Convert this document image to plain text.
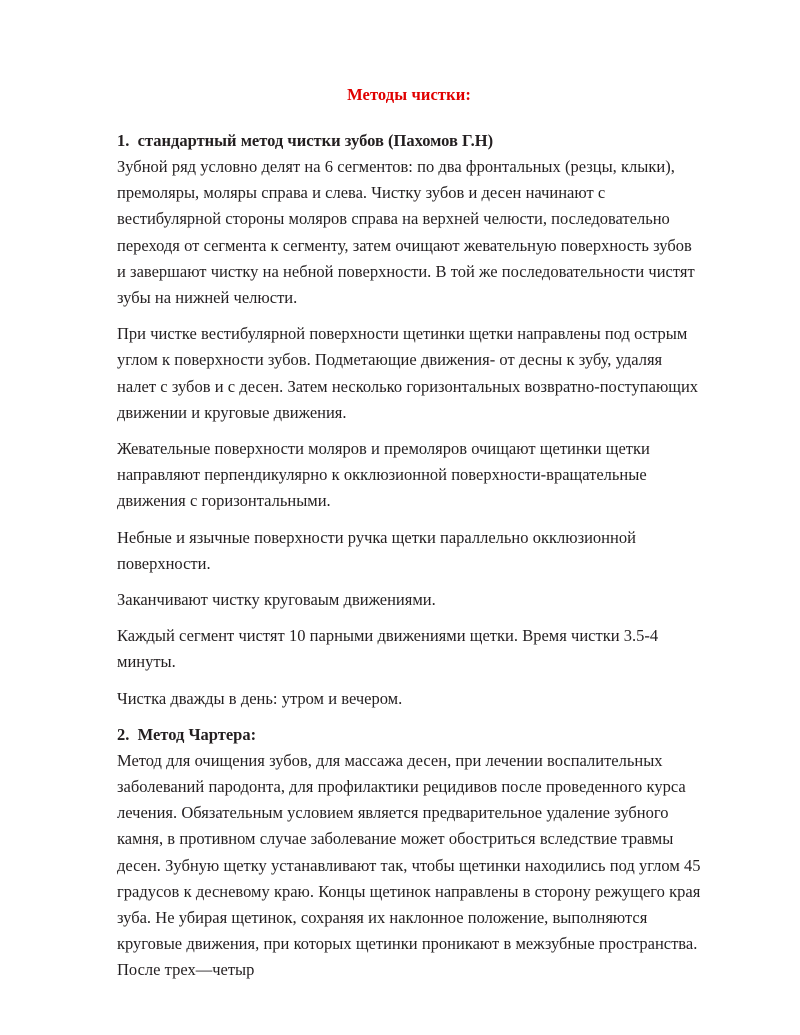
Методы чистки:
1. стандартный метод чистки зубов (Пахомов Г.Н)

Зубной ряд условно делят на 6 сегментов: по два фронтальных (резцы, клыки), премоляры, моляры справа и слева. Чистку зубов и десен начинают с вестибулярной стороны моляров справа на верхней челюсти, последовательно переходя от сегмента к сегменту, затем очищают жевательную поверхность зубов и завершают чистку на небной поверхности. В той же последовательности чистят зубы на нижней челюсти.

При чистке вестибулярной поверхности щетинки щетки направлены под острым углом к поверхности зубов. Подметающие движения- от десны к зубу, удаляя налет с зубов и с десен. Затем несколько горизонтальных возвратно-поступающих  движении и круговые движения.

Жевательные поверхности моляров и премоляров очищают щетинки щетки направляют перпендикулярно к окклюзионной поверхности-вращательные движения с горизонтальными.

Небные и язычные поверхности ручка щетки параллельно окклюзионной поверхности.

Заканчивают чистку круговаым движениями.

Каждый сегмент чистят 10 парными движениями щетки. Время чистки 3.5-4 минуты.

Чистка дважды в день: утром и вечером.

2. Метод Чартера:

Метод для очищения зубов, для массажа десен, при лечении воспалительных заболеваний пародонта, для профилактики рецидивов после проведенного курса лечения. Обязательным условием является предварительное удаление зубного камня, в противном случае заболевание может обостриться вследствие травмы десен. Зубную щетку устанавливают так, чтобы щетинки находились под углом 45 градусов к десневому краю. Концы щетинок направлены в сторону режущего края зуба. Не убирая щетинок, сохраняя их наклонное положение, выполняются  круговые движения, при которых щетинки проникают в межзубные пространства. После трех—четыр
